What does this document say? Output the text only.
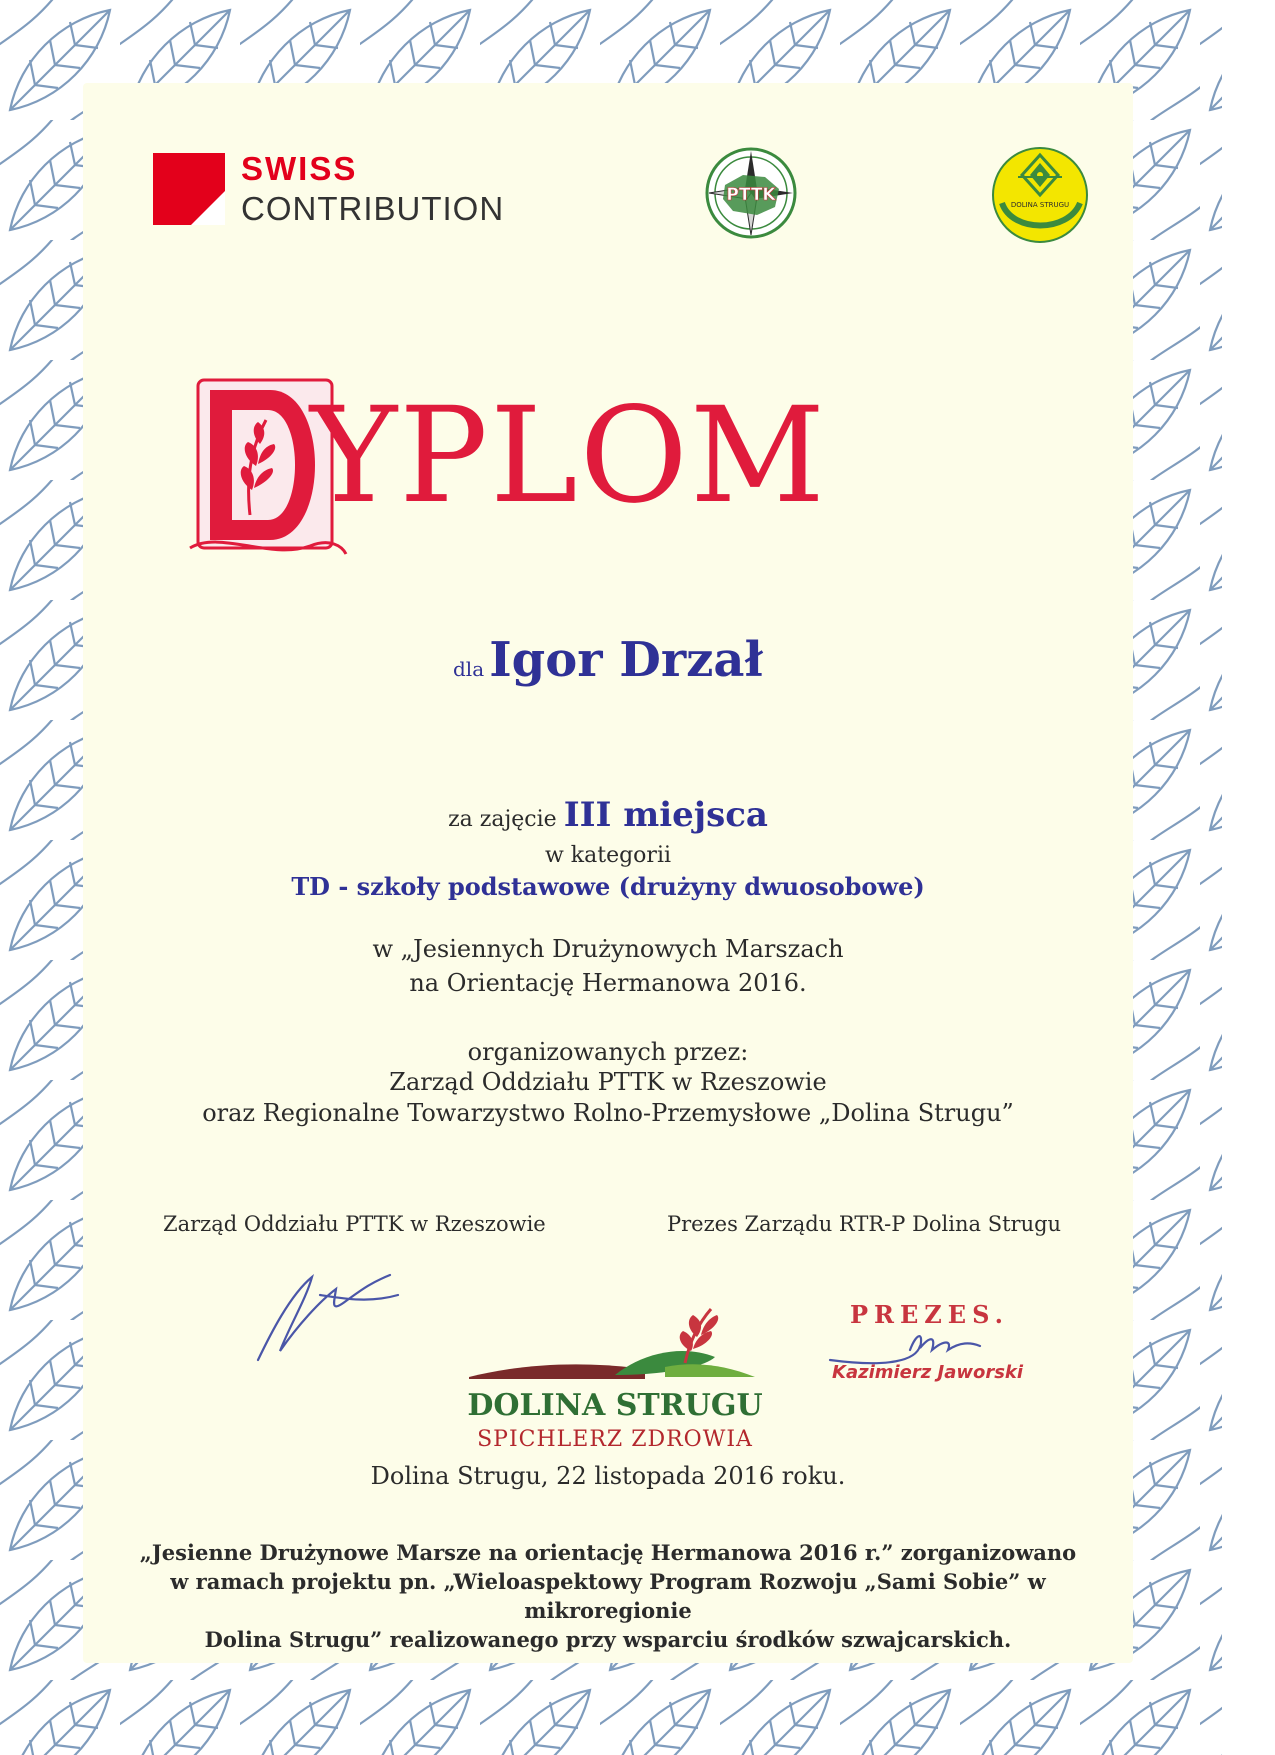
SWISS
CONTRIBUTION	PTTK	DOLINA STRUGU
YPLOM
dla Igor Drzał
za zajęcie III miejsca
w kategorii
TD - szkoły podstawowe (drużyny dwuosobowe)
w „Jesiennych Drużynowych Marszach
na Orientację Hermanowa 2016.
organizowanych przez:
Zarząd Oddziału PTTK w Rzeszowie
oraz Regionalne Towarzystwo Rolno-Przemysłowe „Dolina Strugu”
Zarząd Oddziału PTTK w Rzeszowie	Prezes Zarządu RTR-P Dolina Strugu
DOLINA STRUGU
SPICHLERZ ZDROWIA
PREZES.
Kazimierz Jaworski
Dolina Strugu, 22 listopada 2016 roku.
„Jesienne Drużynowe Marsze na orientację Hermanowa 2016 r.” zorganizowano
w ramach projektu pn. „Wieloaspektowy Program Rozwoju „Sami Sobie” w mikroregionie
Dolina Strugu” realizowanego przy wsparciu środków szwajcarskich.
